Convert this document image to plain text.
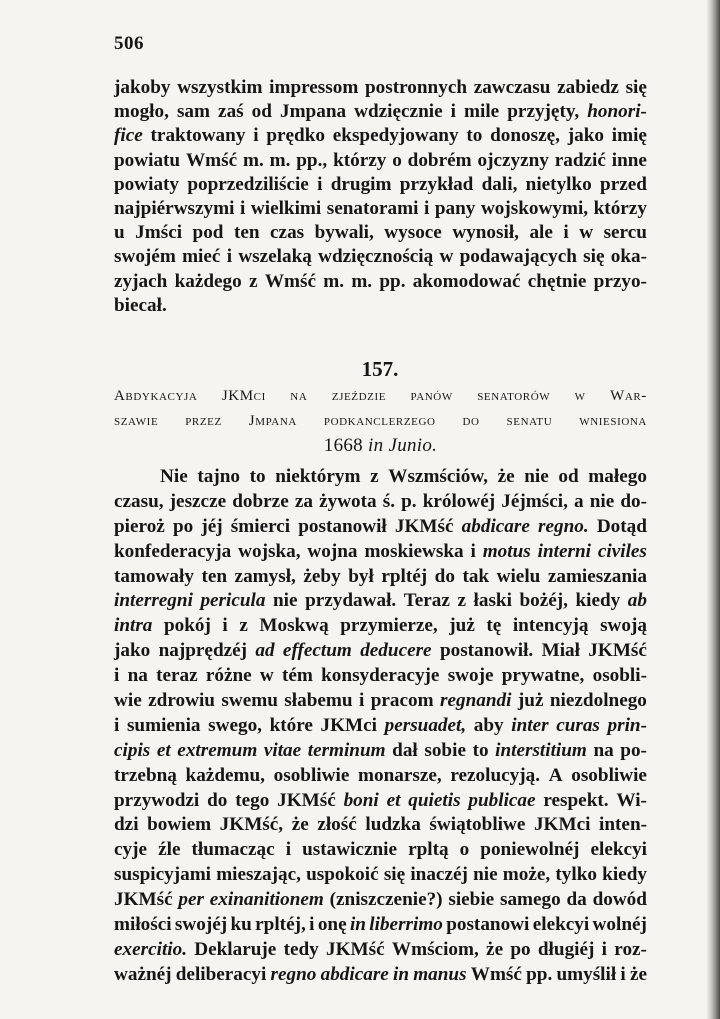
506
jakoby wszystkim impressom postronnych zawczasu zabiedz się
mogło, sam zaś od Jmpana wdzięcznie i mile przyjęty, honori-
fice traktowany i prędko ekspedyjowany to donoszę, jako imię
powiatu Wmść m. m. pp., którzy o dobrém ojczyzny radzić inne
powiaty poprzedziliście i drugim przykład dali, nietylko przed
najpiérwszymi i wielkimi senatorami i pany wojskowymi, którzy
u Jmści pod ten czas bywali, wysoce wynosił, ale i w sercu
swojém mieć i wszelaką wdzięcznością w podawających się oka-
zyjach każdego z Wmść m. m. pp. akomodować chętnie przyo-
biecał.
157.
Abdykacyja JKMci na zjeździe panów senatorów w War-
szawie przez Jmpana podkanclerzego do senatu wniesiona
1668 in Junio.
Nie tajno to niektórym z Wszmściów, że nie od małego
czasu, jeszcze dobrze za żywota ś. p. królowéj Jéjmści, a nie do-
pieroż po jéj śmierci postanowił JKMść abdicare regno. Dotąd
konfederacyja wojska, wojna moskiewska i motus interni civiles
tamowały ten zamysł, żeby był rpltéj do tak wielu zamieszania
interregni pericula nie przydawał. Teraz z łaski bożéj, kiedy ab
intra pokój i z Moskwą przymierze, już tę intencyją swoją
jako najprędzéj ad effectum deducere postanowił. Miał JKMść
i na teraz różne w tém konsyderacyje swoje prywatne, osobli-
wie zdrowiu swemu słabemu i pracom regnandi już niezdolnego
i sumienia swego, które JKMci persuadet, aby inter curas prin-
cipis et extremum vitae terminum dał sobie to interstitium na po-
trzebną każdemu, osobliwie monarsze, rezolucyją. A osobliwie
przywodzi do tego JKMść boni et quietis publicae respekt. Wi-
dzi bowiem JKMść, że złość ludzka świątobliwe JKMci inten-
cyje źle tłumacząc i ustawicznie rpltą o poniewolnéj elekcyi
suspicyjami mieszając, uspokoić się inaczéj nie może, tylko kiedy
JKMść per exinanitionem (zniszczenie?) siebie samego da dowód
miłości swojéj ku rpltéj, i onę in liberrimo postanowi elekcyi wolnéj
exercitio. Deklaruje tedy JKMść Wmściom, że po długiéj i roz-
ważnéj deliberacyi regno abdicare in manus Wmść pp. umyślił i że
